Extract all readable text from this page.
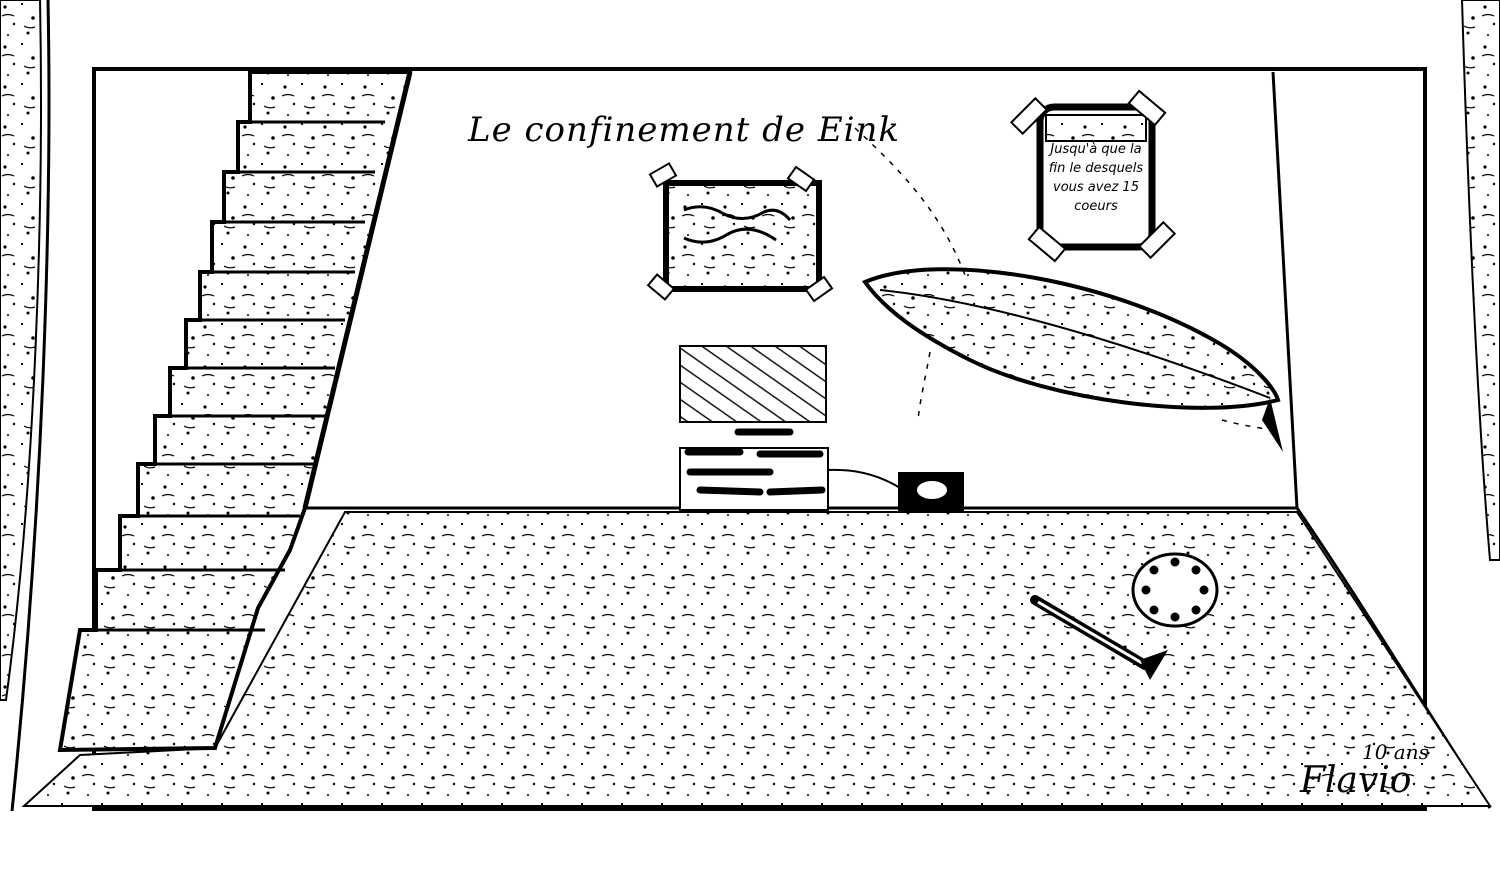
Le confinement de Eink	Jusqu'à que la fin le desquels vous avez 15 coeurs
10 ans
Flavio
